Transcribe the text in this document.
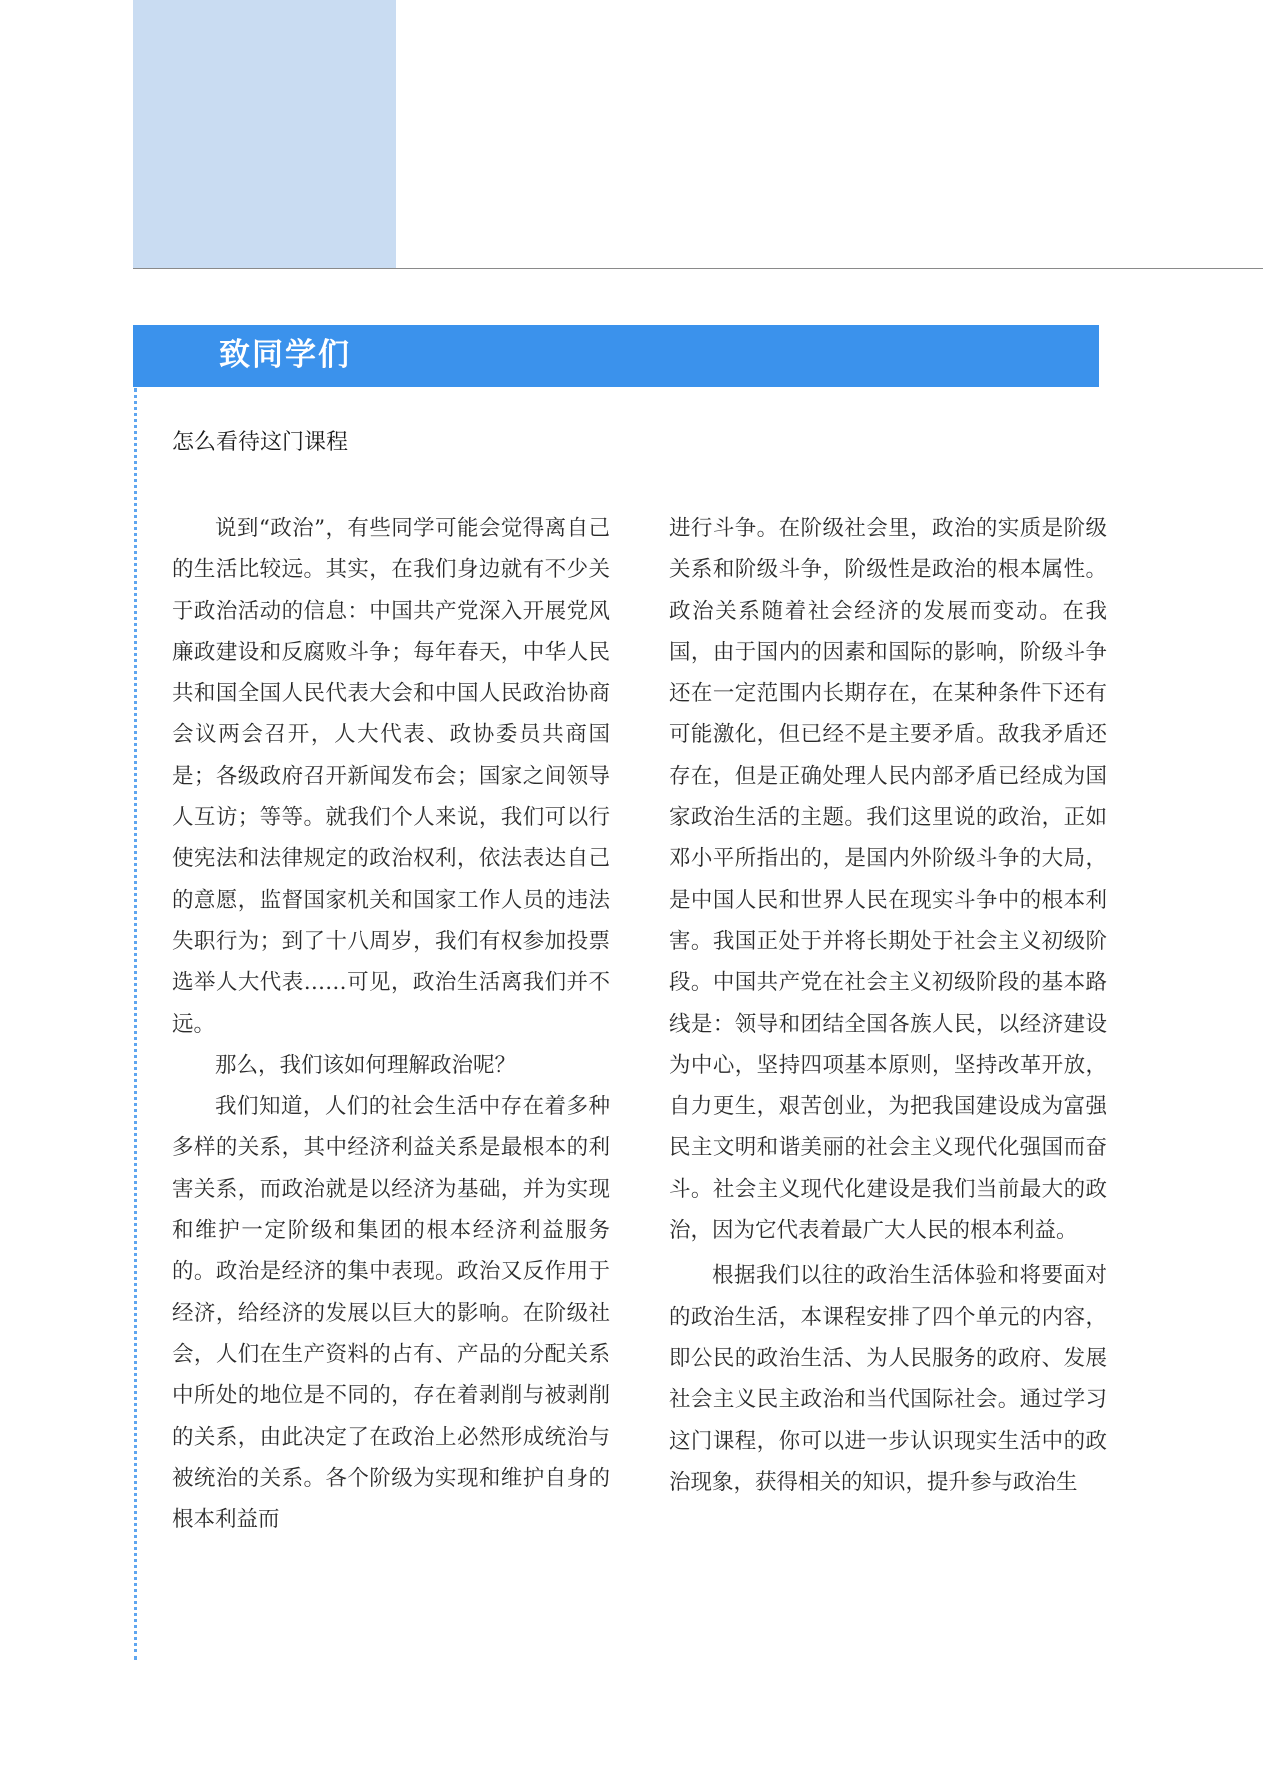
致同学们
怎么看待这门课程

说到“政治”，有些同学可能会觉得离自己的生活比较远。其实，在我们身边就有不少关于政治活动的信息：中国共产党深入开展党风廉政建设和反腐败斗争；每年春天，中华人民共和国全国人民代表大会和中国人民政治协商会议两会召开，人大代表、政协委员共商国是；各级政府召开新闻发布会；国家之间领导人互访；等等。就我们个人来说，我们可以行使宪法和法律规定的政治权利，依法表达自己的意愿，监督国家机关和国家工作人员的违法失职行为；到了十八周岁，我们有权参加投票选举人大代表……可见，政治生活离我们并不远。

那么，我们该如何理解政治呢？

我们知道，人们的社会生活中存在着多种多样的关系，其中经济利益关系是最根本的利害关系，而政治就是以经济为基础，并为实现和维护一定阶级和集团的根本经济利益服务的。政治是经济的集中表现。政治又反作用于经济，给经济的发展以巨大的影响。在阶级社会，人们在生产资料的占有、产品的分配关系中所处的地位是不同的，存在着剥削与被剥削的关系，由此决定了在政治上必然形成统治与被统治的关系。各个阶级为实现和维护自身的根本利益而

进行斗争。在阶级社会里，政治的实质是阶级关系和阶级斗争，阶级性是政治的根本属性。政治关系随着社会经济的发展而变动。在我国，由于国内的因素和国际的影响，阶级斗争还在一定范围内长期存在，在某种条件下还有可能激化，但已经不是主要矛盾。敌我矛盾还存在，但是正确处理人民内部矛盾已经成为国家政治生活的主题。我们这里说的政治，正如邓小平所指出的，是国内外阶级斗争的大局，是中国人民和世界人民在现实斗争中的根本利害。我国正处于并将长期处于社会主义初级阶段。中国共产党在社会主义初级阶段的基本路线是：领导和团结全国各族人民，以经济建设为中心，坚持四项基本原则，坚持改革开放，自力更生，艰苦创业，为把我国建设成为富强民主文明和谐美丽的社会主义现代化强国而奋斗。社会主义现代化建设是我们当前最大的政治，因为它代表着最广大人民的根本利益。

根据我们以往的政治生活体验和将要面对的政治生活，本课程安排了四个单元的内容，即公民的政治生活、为人民服务的政府、发展社会主义民主政治和当代国际社会。通过学习这门课程，你可以进一步认识现实生活中的政治现象，获得相关的知识，提升参与政治生
